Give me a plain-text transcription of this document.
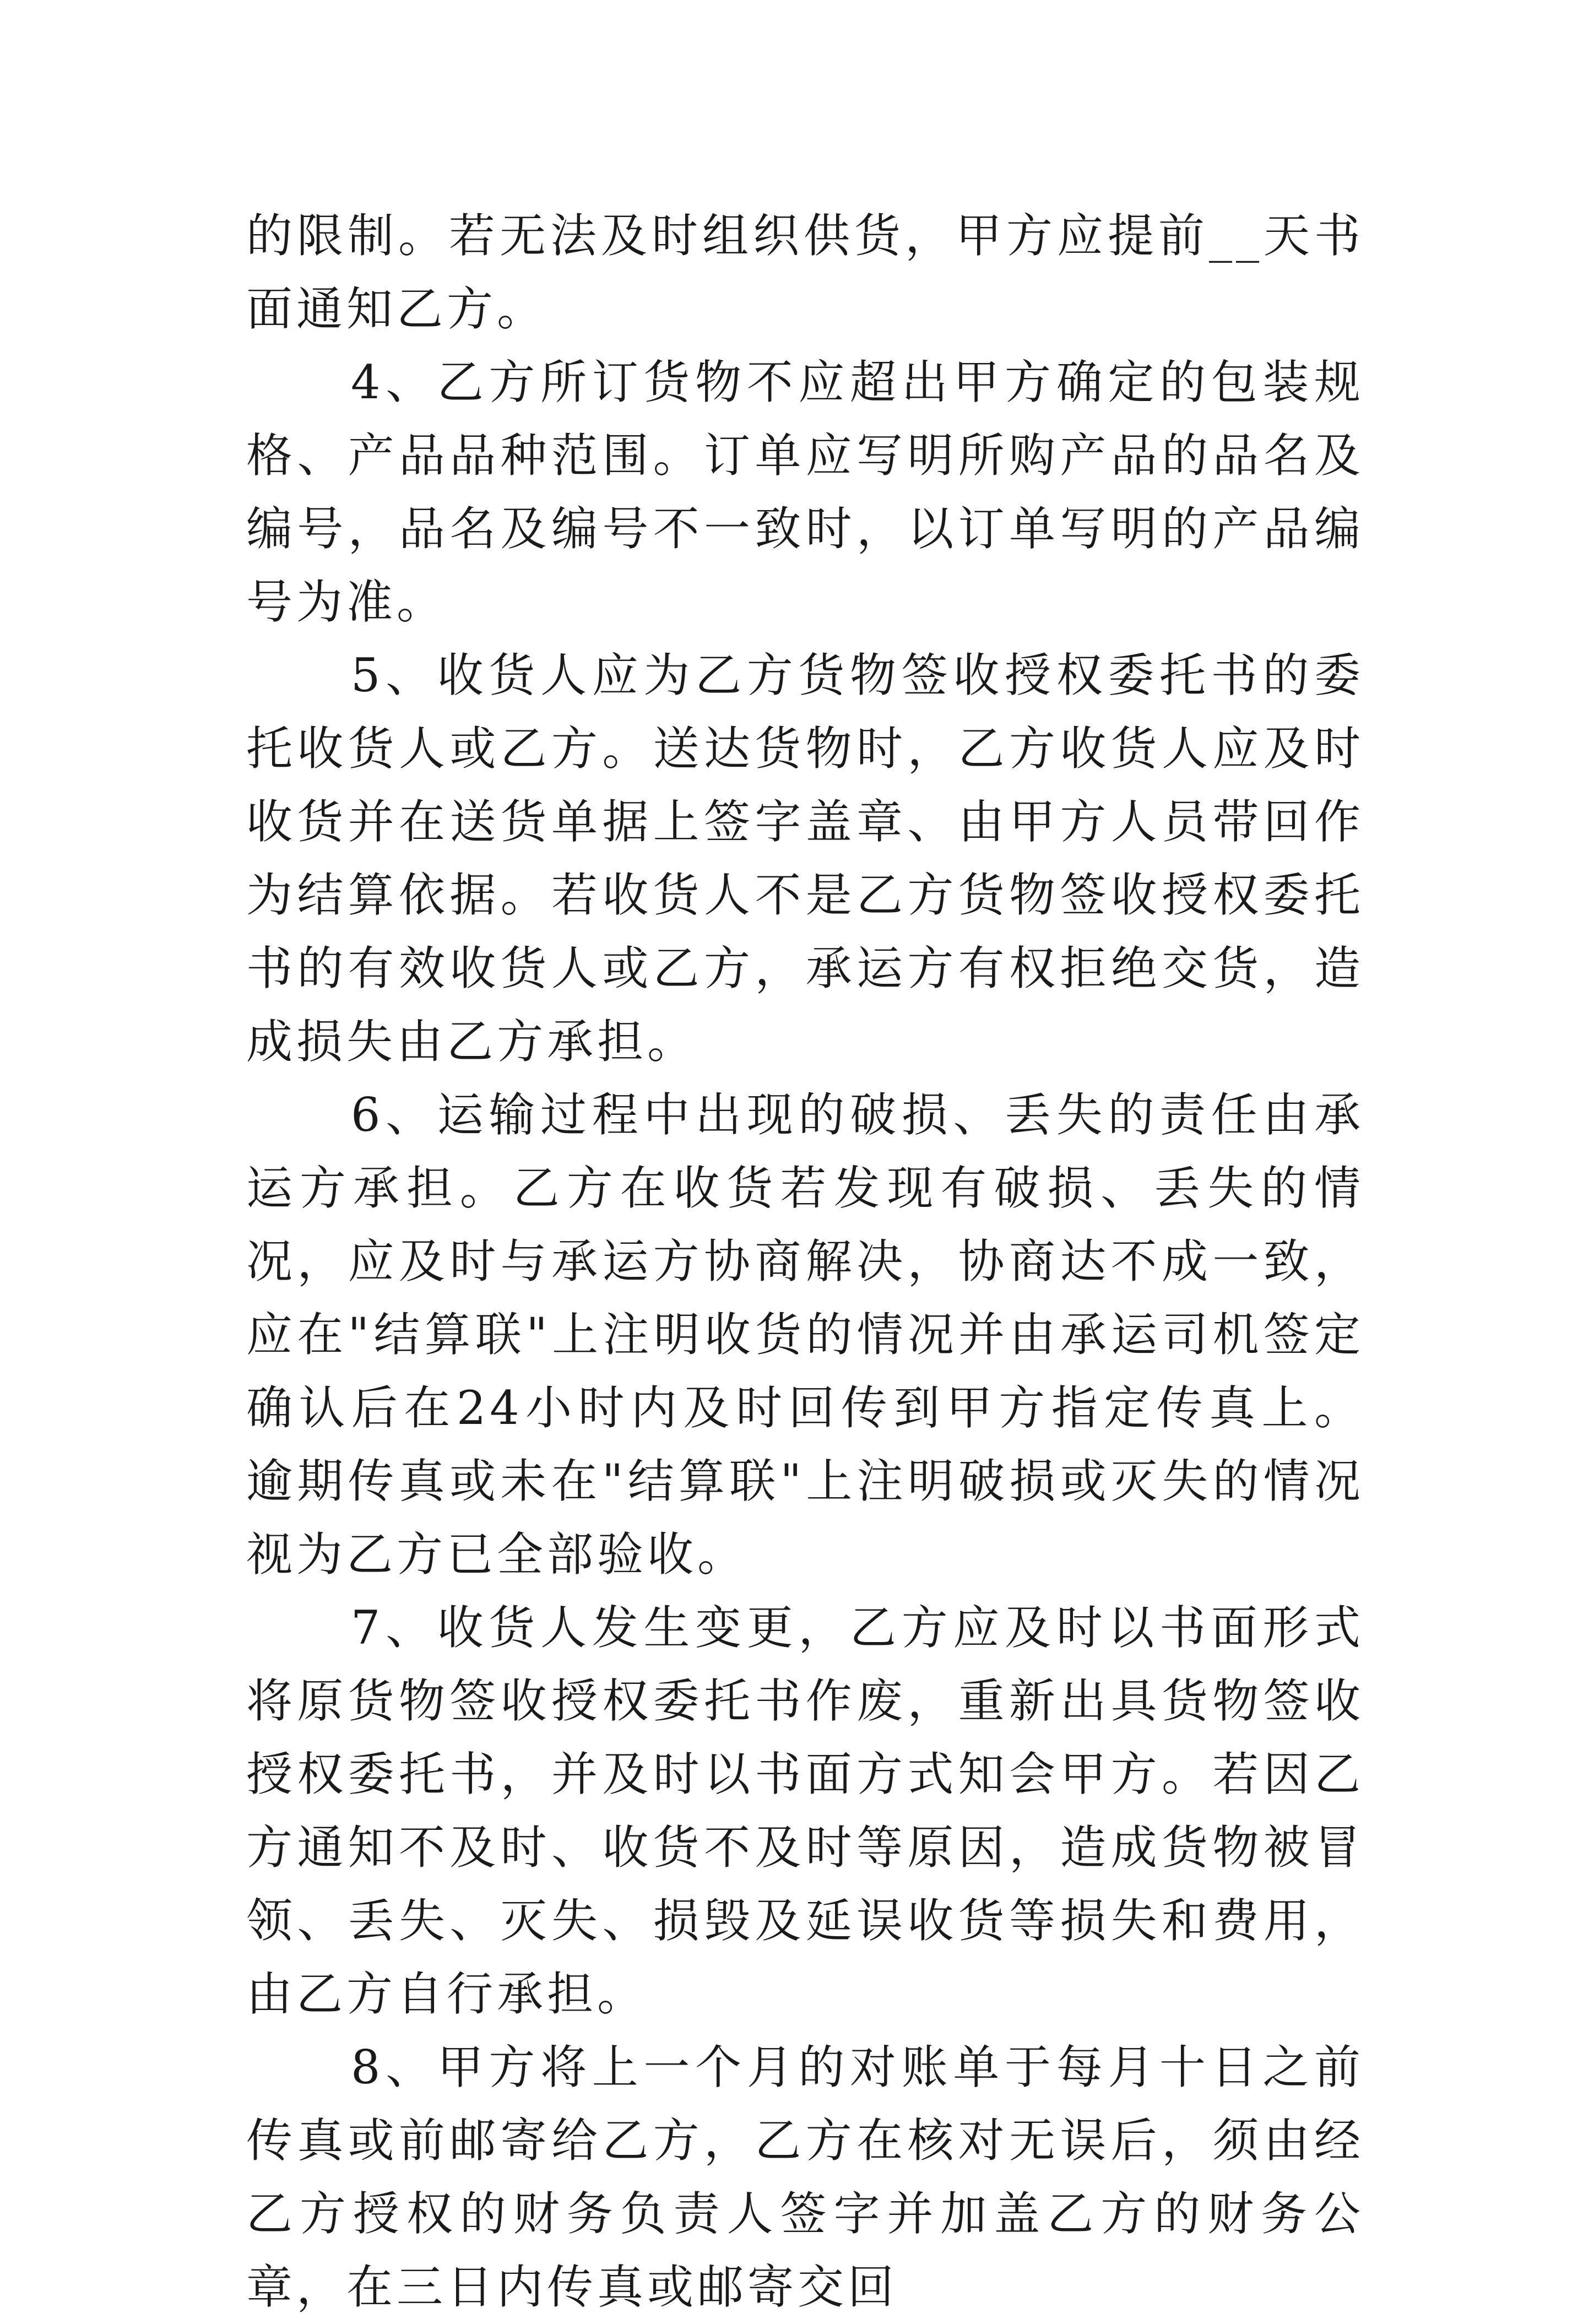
的限制。若无法及时组织供货，甲方应提前__天书面通知乙方。

4、乙方所订货物不应超出甲方确定的包装规格、产品品种范围。订单应写明所购产品的品名及编号，品名及编号不一致时，以订单写明的产品编号为准。

5、收货人应为乙方货物签收授权委托书的委托收货人或乙方。送达货物时，乙方收货人应及时收货并在送货单据上签字盖章、由甲方人员带回作为结算依据。若收货人不是乙方货物签收授权委托书的有效收货人或乙方，承运方有权拒绝交货，造成损失由乙方承担。

6、运输过程中出现的破损、丢失的责任由承运方承担。乙方在收货若发现有破损、丢失的情况，应及时与承运方协商解决，协商达不成一致，应在"结算联"上注明收货的情况并由承运司机签定确认后在24小时内及时回传到甲方指定传真上。逾期传真或未在"结算联"上注明破损或灭失的情况视为乙方已全部验收。

7、收货人发生变更，乙方应及时以书面形式将原货物签收授权委托书作废，重新出具货物签收授权委托书，并及时以书面方式知会甲方。若因乙方通知不及时、收货不及时等原因，造成货物被冒领、丢失、灭失、损毁及延误收货等损失和费用，由乙方自行承担。

8、甲方将上一个月的对账单于每月十日之前传真或前邮寄给乙方，乙方在核对无误后，须由经乙方授权的财务负责人签字并加盖乙方的财务公章，在三日内传真或邮寄交回
